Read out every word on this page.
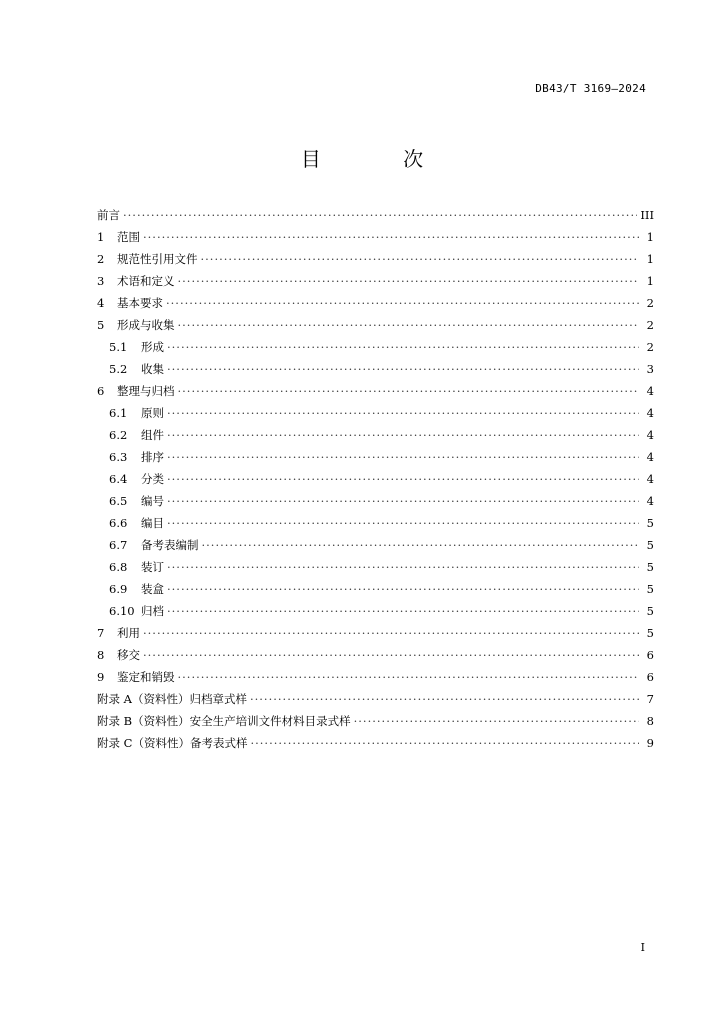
DB43/T 3169—2024
目 次
前言 ·····	III
1	范围 ·····	1
2	规范性引用文件 ·····	1
3	术语和定义 ·····	1
4	基本要求 ·····	2
5	形成与收集 ·····	2
5.1	形成 ·····	2
5.2	收集 ·····	3
6	整理与归档 ·····	4
6.1	原则 ·····	4
6.2	组件 ·····	4
6.3	排序 ·····	4
6.4	分类 ·····	4
6.5	编号 ·····	4
6.6	编目 ·····	5
6.7	备考表编制 ·····	5
6.8	装订 ·····	5
6.9	装盒 ·····	5
6.10 归档 ·····	5
7	利用 ·····	5
8	移交 ·····	6
9	鉴定和销毁 ·····	6
附录 A（资料性）归档章式样 ·····	7
附录 B（资料性）安全生产培训文件材料目录式样 ·····	8
附录 C（资料性）备考表式样 ·····	9
I
